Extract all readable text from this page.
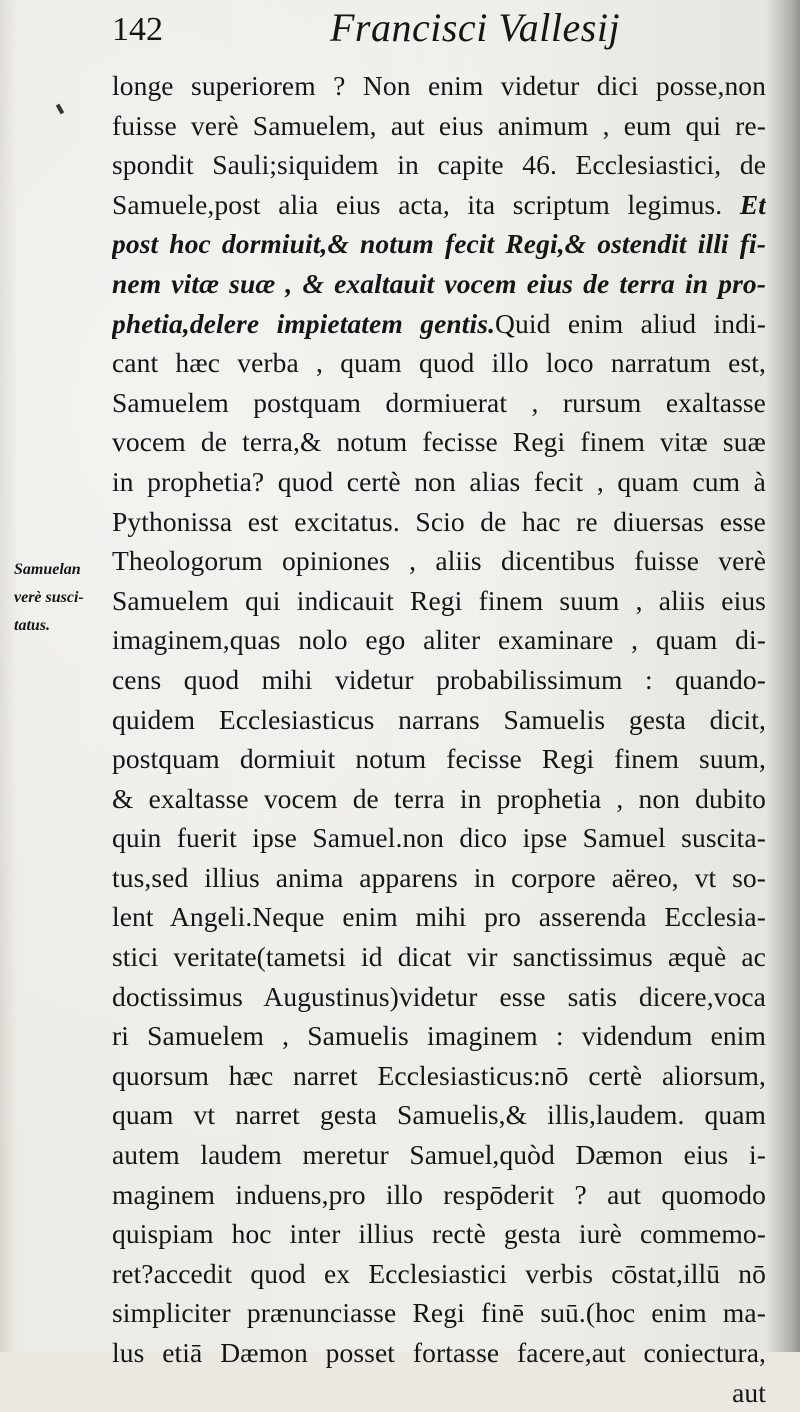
142	Francisci Vallesij
Samuelan
verè susci-
tatus.
longe superiorem ? Non enim videtur dici posse,non
fuisse verè Samuelem, aut eius animum , eum qui re-
spondit Sauli;siquidem in capite 46. Ecclesiastici, de
Samuele,post alia eius acta, ita scriptum legimus. Et
post hoc dormiuit,& notum fecit Regi,& ostendit illi fi-
nem vitæ suæ , & exaltauit vocem eius de terra in pro-
phetia,delere impietatem gentis.Quid enim aliud indi-
cant hæc verba , quam quod illo loco narratum est,
Samuelem postquam dormiuerat , rursum exaltasse
vocem de terra,& notum fecisse Regi finem vitæ suæ
in prophetia? quod certè non alias fecit , quam cum à
Pythonissa est excitatus. Scio de hac re diuersas esse
Theologorum opiniones , aliis dicentibus fuisse verè
Samuelem qui indicauit Regi finem suum , aliis eius
imaginem,quas nolo ego aliter examinare , quam di-
cens quod mihi videtur probabilissimum : quando-
quidem Ecclesiasticus narrans Samuelis gesta dicit,
postquam dormiuit notum fecisse Regi finem suum,
& exaltasse vocem de terra in prophetia , non dubito
quin fuerit ipse Samuel.non dico ipse Samuel suscita-
tus,sed illius anima apparens in corpore aëreo, vt so-
lent Angeli.Neque enim mihi pro asserenda Ecclesia-
stici veritate(tametsi id dicat vir sanctissimus æquè ac
doctissimus Augustinus)videtur esse satis dicere,voca
ri Samuelem , Samuelis imaginem : videndum enim
quorsum hæc narret Ecclesiasticus:nō certè aliorsum,
quam vt narret gesta Samuelis,& illis,laudem. quam
autem laudem meretur Samuel,quòd Dæmon eius i-
maginem induens,pro illo respōderit ? aut quomodo
quispiam hoc inter illius rectè gesta iurè commemo-
ret?accedit quod ex Ecclesiastici verbis cōstat,illū nō
simpliciter prænunciasse Regi finē suū.(hoc enim ma-
lus etiā Dæmon posset fortasse facere,aut coniectura,
aut
